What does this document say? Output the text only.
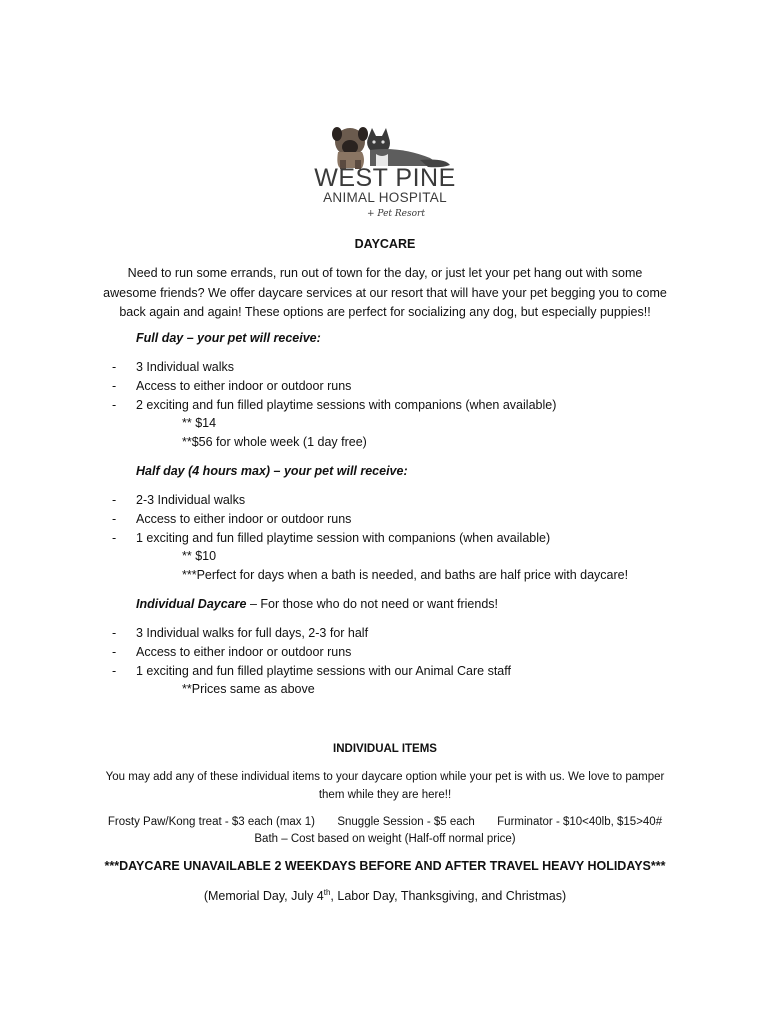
WEST PINE
ANIMAL HOSPITAL
+ Pet Resort
DAYCARE
Need to run some errands, run out of town for the day, or just let your pet hang out with some
awesome friends? We offer daycare services at our resort that will have your pet begging you to come
back again and again! These options are perfect for socializing any dog, but especially puppies!!
Full day – your pet will receive:
- 3 Individual walks
- Access to either indoor or outdoor runs
- 2 exciting and fun filled playtime sessions with companions (when available)
** $14
**$56 for whole week (1 day free)
Half day (4 hours max) – your pet will receive:
- 2-3 Individual walks
- Access to either indoor or outdoor runs
- 1 exciting and fun filled playtime session with companions (when available)
** $10
***Perfect for days when a bath is needed, and baths are half price with daycare!
Individual Daycare – For those who do not need or want friends!
- 3 Individual walks for full days, 2-3 for half
- Access to either indoor or outdoor runs
- 1 exciting and fun filled playtime sessions with our Animal Care staff
**Prices same as above
INDIVIDUAL ITEMS
You may add any of these individual items to your daycare option while your pet is with us. We love to pamper
them while they are here!!
Frosty Paw/Kong treat - $3 each (max 1)       Snuggle Session - $5 each       Furminator - $10<40lb, $15>40#
Bath – Cost based on weight (Half-off normal price)
***DAYCARE UNAVAILABLE 2 WEEKDAYS BEFORE AND AFTER TRAVEL HEAVY HOLIDAYS***
(Memorial Day, July 4th, Labor Day, Thanksgiving, and Christmas)
